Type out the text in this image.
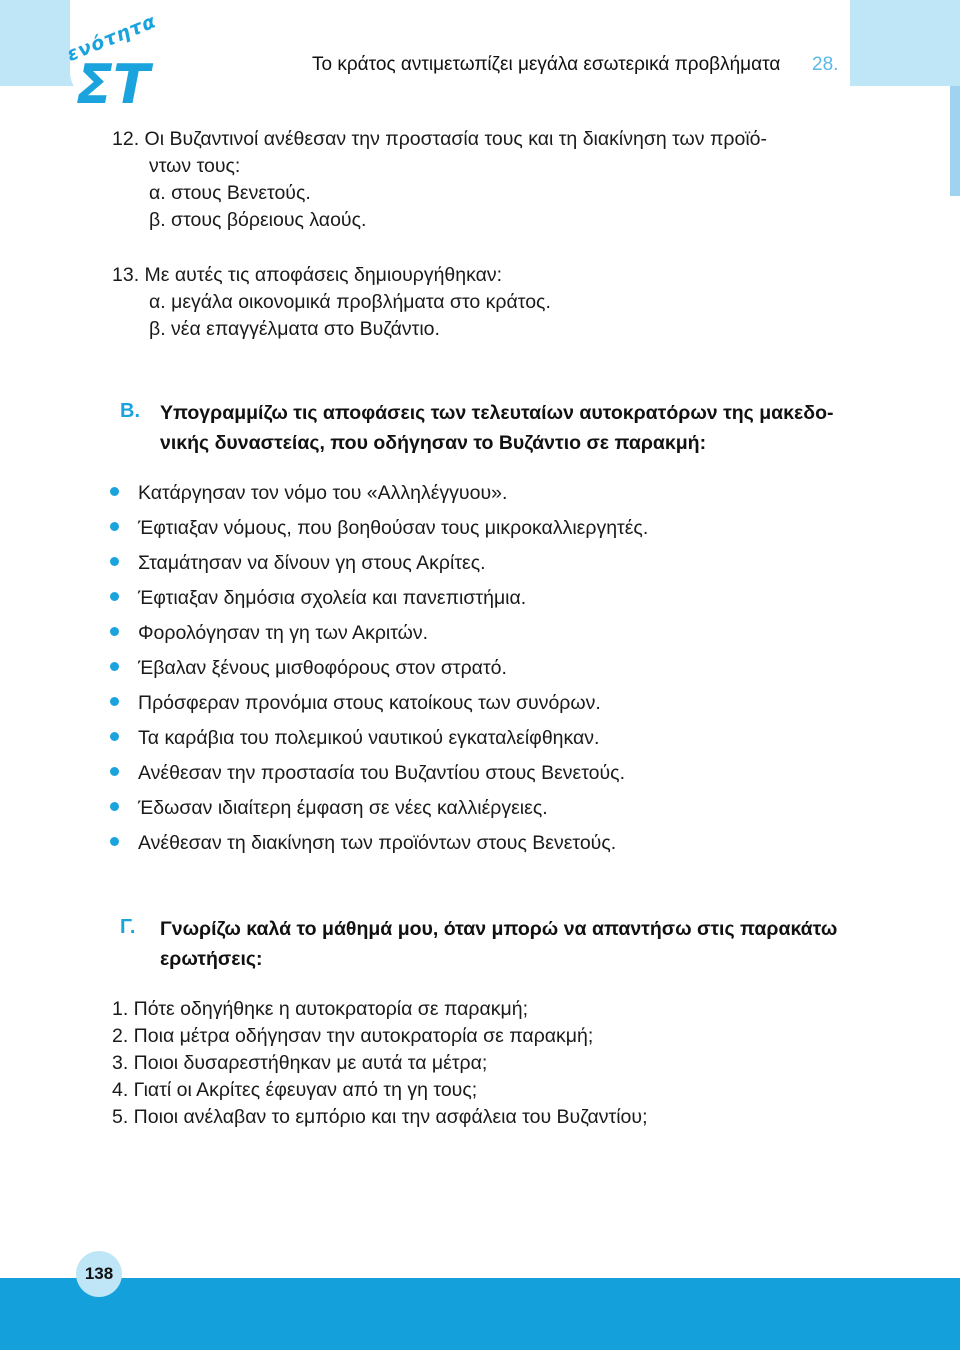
ενότητα
ΣΤ	Το κράτος αντιμετωπίζει μεγάλα εσωτερικά προβλήματα 28.
12. Οι Βυζαντινοί ανέθεσαν την προστασία τους και τη διακίνηση των προϊό-
ντων τους:
α. στους Βενετούς.
β. στους βόρειους λαούς.
13. Με αυτές τις αποφάσεις δημιουργήθηκαν:
α. μεγάλα οικονομικά προβλήματα στο κράτος.
β. νέα επαγγέλματα στο Βυζάντιο.
Β. Υπογραμμίζω τις αποφάσεις των τελευταίων αυτοκρατόρων της μακεδο-
νικής δυναστείας, που οδήγησαν το Βυζάντιο σε παρακμή:
Κατάργησαν τον νόμο του «Αλληλέγγυου».
Έφτιαξαν νόμους, που βοηθούσαν τους μικροκαλλιεργητές.
Σταμάτησαν να δίνουν γη στους Ακρίτες.
Έφτιαξαν δημόσια σχολεία και πανεπιστήμια.
Φορολόγησαν τη γη των Ακριτών.
Έβαλαν ξένους μισθοφόρους στον στρατό.
Πρόσφεραν προνόμια στους κατοίκους των συνόρων.
Τα καράβια του πολεμικού ναυτικού εγκαταλείφθηκαν.
Ανέθεσαν την προστασία του Βυζαντίου στους Βενετούς.
Έδωσαν ιδιαίτερη έμφαση σε νέες καλλιέργειες.
Ανέθεσαν τη διακίνηση των προϊόντων στους Βενετούς.
Γ. Γνωρίζω καλά το μάθημά μου, όταν μπορώ να απαντήσω στις παρακάτω
ερωτήσεις:
1. Πότε οδηγήθηκε η αυτοκρατορία σε παρακμή;
2. Ποια μέτρα οδήγησαν την αυτοκρατορία σε παρακμή;
3. Ποιοι δυσαρεστήθηκαν με αυτά τα μέτρα;
4. Γιατί οι Ακρίτες έφευγαν από τη γη τους;
5. Ποιοι ανέλαβαν το εμπόριο και την ασφάλεια του Βυζαντίου;
138
